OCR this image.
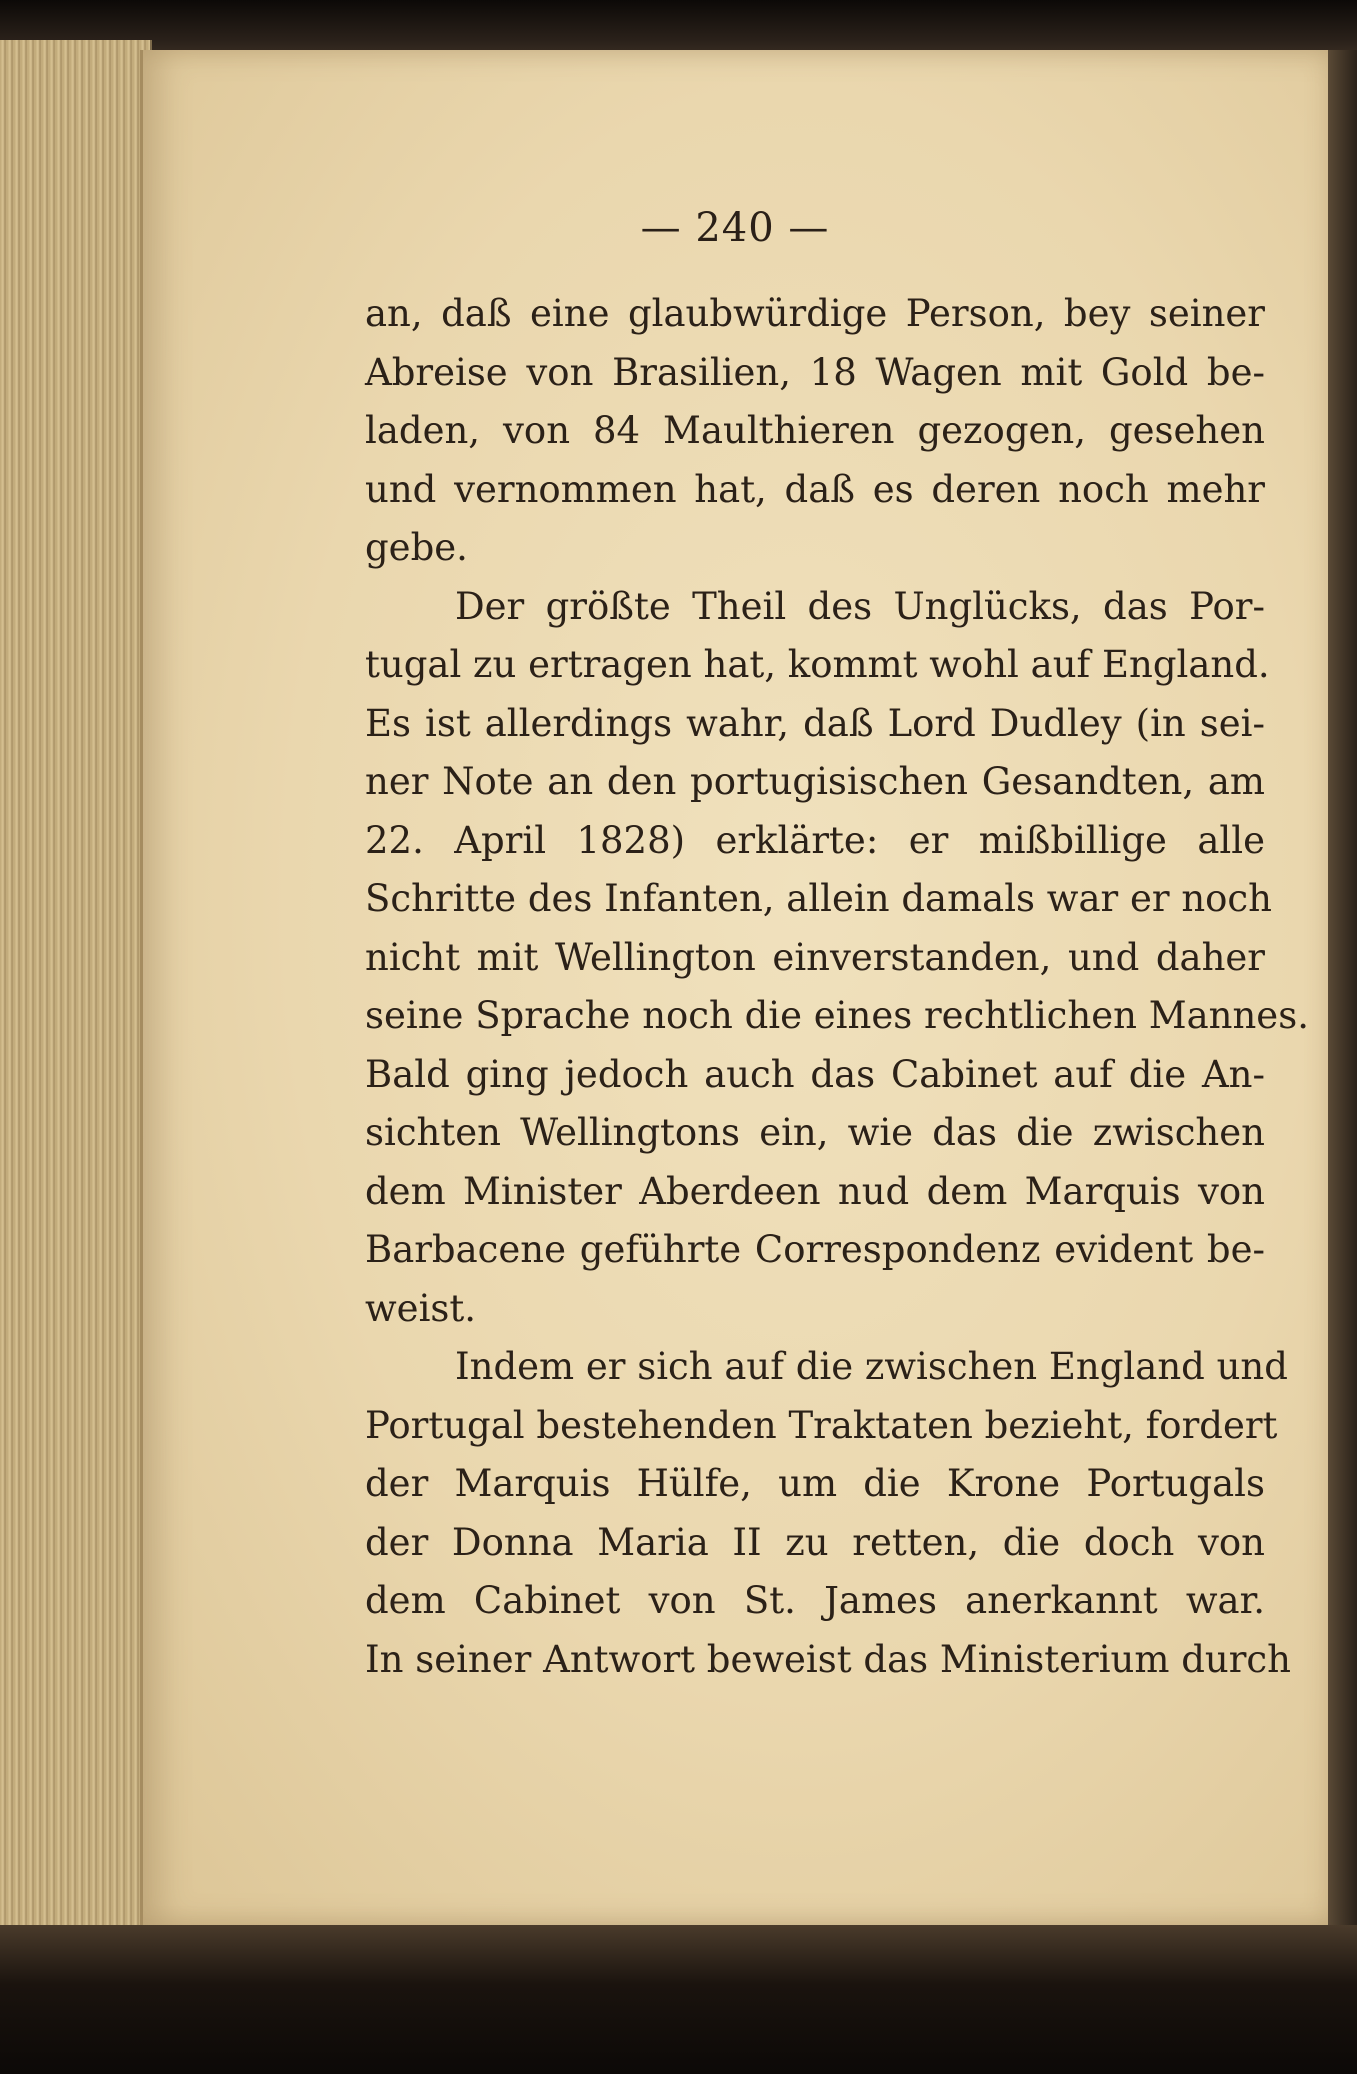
— 240 —
an, daß eine glaubwürdige Person, bey seiner
Abreise von Brasilien, 18 Wagen mit Gold be-
laden, von 84 Maulthieren gezogen, gesehen
und vernommen hat, daß es deren noch mehr
gebe.
Der größte Theil des Unglücks, das Por-
tugal zu ertragen hat, kommt wohl auf England.
Es ist allerdings wahr, daß Lord Dudley (in sei-
ner Note an den portugisischen Gesandten, am
22. April 1828) erklärte: er mißbillige alle
Schritte des Infanten, allein damals war er noch
nicht mit Wellington einverstanden, und daher
seine Sprache noch die eines rechtlichen Mannes.
Bald ging jedoch auch das Cabinet auf die An-
sichten Wellingtons ein, wie das die zwischen
dem Minister Aberdeen nud dem Marquis von
Barbacene geführte Correspondenz evident be-
weist.
Indem er sich auf die zwischen England und
Portugal bestehenden Traktaten bezieht, fordert
der Marquis Hülfe, um die Krone Portugals
der Donna Maria II zu retten, die doch von
dem Cabinet von St. James anerkannt war.
In seiner Antwort beweist das Ministerium durch
